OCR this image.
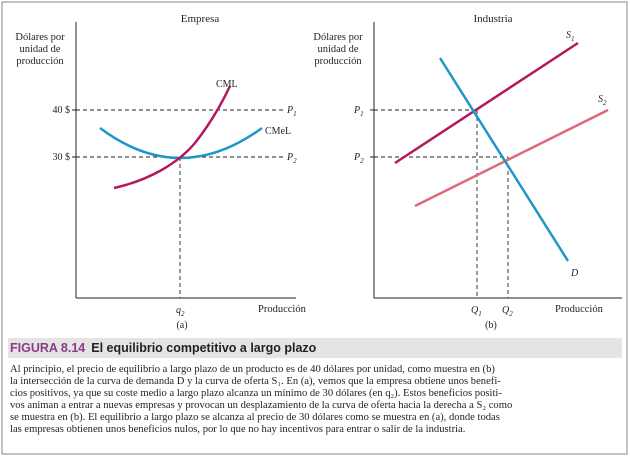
Empresa
Dólares por
unidad de
producción
40 $
30 $
$P_1$
$P_2$
CML
CMeL
$q_2$	Producción
(a)
Industria
Dólares por
unidad de
producción
$P_1$
$P_2$
$S_1$
$S_2$
D
$Q_1$ $Q_2$	Producción
(b)
FIGURA 8.14 El equilibrio competitivo a largo plazo
Al principio, el precio de equilibrio a largo plazo de un producto es de 40 dólares por unidad, como muestra en (b)
la intersección de la curva de demanda D y la curva de oferta S₁. En (a), vemos que la empresa obtiene unos benefi-
cios positivos, ya que su coste medio a largo plazo alcanza un mínimo de 30 dólares (en q₂). Estos beneficios positi-
vos animan a entrar a nuevas empresas y provocan un desplazamiento de la curva de oferta hacia la derecha a S₂ como
se muestra en (b). El equilibrio a largo plazo se alcanza al precio de 30 dólares como se muestra en (a), donde todas
las empresas obtienen unos beneficios nulos, por lo que no hay incentivos para entrar o salir de la industria.
